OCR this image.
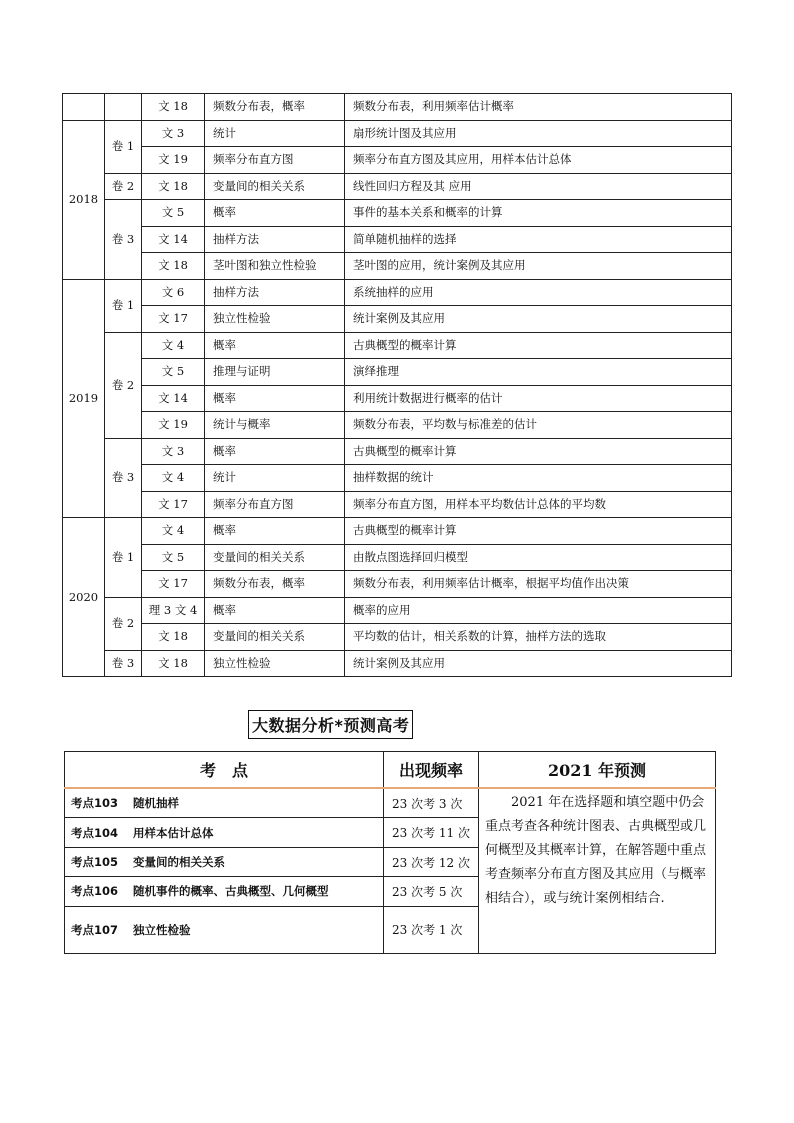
		文 18	频数分布表，概率	频数分布表，利用频率估计概率
2018	卷 1	文 3	统计	扇形统计图及其应用
		文 19	频率分布直方图	频率分布直方图及其应用，用样本估计总体
	卷 2	文 18	变量间的相关关系	线性回归方程及其 应用
	卷 3	文 5	概率	事件的基本关系和概率的计算
		文 14	抽样方法	简单随机抽样的选择
		文 18	茎叶图和独立性检验	茎叶图的应用，统计案例及其应用
2019	卷 1	文 6	抽样方法	系统抽样的应用
		文 17	独立性检验	统计案例及其应用
	卷 2	文 4	概率	古典概型的概率计算
		文 5	推理与证明	演绎推理
		文 14	概率	利用统计数据进行概率的估计
		文 19	统计与概率	频数分布表，平均数与标准差的估计
	卷 3	文 3	概率	古典概型的概率计算
		文 4	统计	抽样数据的统计
		文 17	频率分布直方图	频率分布直方图，用样本平均数估计总体的平均数
2020	卷 1	文 4	概率	古典概型的概率计算
		文 5	变量间的相关关系	由散点图选择回归模型
		文 17	频数分布表，概率	频数分布表，利用频率估计概率，根据平均值作出决策
	卷 2	理 3 文 4	概率	概率的应用
		文 18	变量间的相关关系	平均数的估计，相关系数的计算，抽样方法的选取
	卷 3	文 18	独立性检验	统计案例及其应用
大数据分析*预测高考
考　点	出现频率	2021 年预测
考点103 随机抽样	23 次考 3 次	2021 年在选择题和填空题中仍会重点考查各种统计图表、古典概型或几何概型及其概率计算，在解答题中重点考查频率分布直方图及其应用（与概率相结合），或与统计案例相结合.
考点104 用样本估计总体	23 次考 11 次	
考点105 变量间的相关关系	23 次考 12 次	
考点106 随机事件的概率、古典概型、几何概型	23 次考 5 次	
考点107 独立性检验	23 次考 1 次	
